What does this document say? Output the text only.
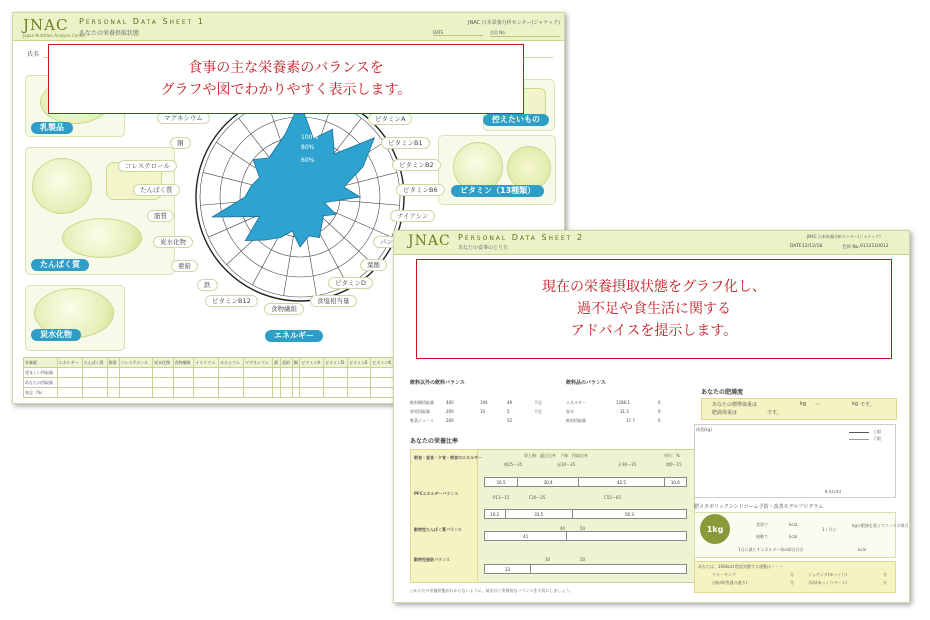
JNAC
Japan Nutrition Analysis Center
Personal Data Sheet 1
あなたの栄養摂取状態
JNAC 日本栄養分析センター(ジャナック)
DATE	会員 No.
氏名
乳製品
たんぱく質
炭水化物
控えたいもの
ビタミン（13種類）
エネルギー
100%
80%
60%
マグネシウム
銅
コレステロール
たんぱく質
脂質
炭水化物
亜鉛
鉄
ビタミンB12
食物繊維
食塩相当量
ビタミンD
葉酸
パン
ナイアシン
ビタミンB6
ビタミンB2
ビタミンB1
ビタミンA
栄養素	エネルギー	たんぱく質	脂質	コレステロール	炭水化物	食物繊維	ナトリウム	カルシウム	マグネシウム	鉄	亜鉛	銅	ビタミンA	ビタミンD	ビタミンE	ビタミンK
望ましい摂取量																
あなたの摂取量																
充足（%）																
食事の主な栄養素のバランスを
グラフや図でわかりやすく表示します。
JNAC Personal Data Sheet 2
あなたの食事のとり方
JNAC 日本栄養分析センター(ジャナック)
DATE 12/12/18	会員 No. 0112110012
飲料以外の飲料バランス	飲料品のバランス
飲料類摂取量	400	194	49	不足
果実摂取量	200	10	5	不足
野菜ジュース	200	52
エネルギー	1286.1	0
炭水	31.5	0
飲料摂取量	37.7	0
あなたの栄養比率
朝食・昼食・夕食・間食のエネルギー	斜上線：適正比率　下線：摂取比率	単位：%
朝25〜35	昼30〜35	夕30〜35	間0〜15
16.5	30.4	42.5	10.6
PFCエネルギーバランス
P13〜15	F20〜25	C55〜65
10.2	33.5	56.3
動物性たんぱく質バランス	40	50
41
動物性脂肪バランス	30	50
23
○からだの栄養状態がわからないように、前出兵と実質的なバランスを大切にしましょう。
あなたの肥満度
あなたの標準体重は	kg 〜	kg です。
肥満体重は	です。
体重(kg)	上限
下限
身長(cm)
肥メタボリックシンドローム予防・改善モデルプログラム
1kg	食事で	kcal
運動で	kcal
1ヶ月に
kgの肥満を落とすコースの場合
1日に減らすエネルギー(kcal)は合計	kcal
あなたは、100kcal 程度消費する運動は・・・
ウオーキング	分	ジョギング(ゆっくり)	分
自転車(普通の速さ)	分	水泳(ゆっくりペース)	分
現在の栄養摂取状態をグラフ化し、
過不足や食生活に関する
アドバイスを提示します。
